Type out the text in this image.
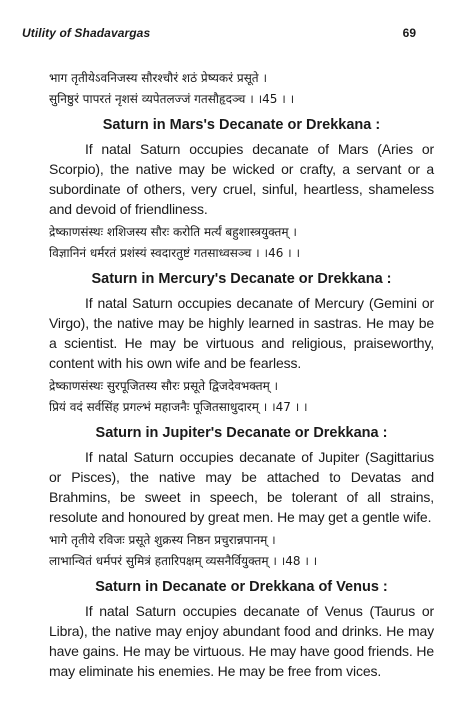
Utility of Shadavargas	69
भाग तृतीयेऽवनिजस्य सौरश्चौरं शठं प्रेष्यकरं प्रसूते ।
सुनिष्ठुरं पापरतं नृशसं व्यपेतलज्जं गतसौहृदञ्च । ।45 । ।
Saturn in Mars's Decanate or Drekkana :

If natal Saturn occupies decanate of Mars (Aries or Scorpio), the native may be wicked or crafty, a servant or a subordinate of others, very cruel, sinful, heartless, shameless and devoid of friendliness.

द्रेष्काणसंस्थः शशिजस्य सौरः करोति मर्त्यं बहुशास्त्रयुक्तम् ।
विज्ञानिनं धर्मरतं प्रशंस्यं स्वदारतुष्टं गतसाध्वसञ्च । ।46 । ।
Saturn in Mercury's Decanate or Drekkana :

If natal Saturn occupies decanate of Mercury (Gemini or Virgo), the native may be highly learned in sastras. He may be a scientist. He may be virtuous and religious, praiseworthy, content with his own wife and be fearless.

द्रेष्काणसंस्थः सुरपूजितस्य सौरः प्रसूते द्विजदेवभक्तम् ।
प्रियं वदं सर्वसिंह प्रगल्भं महाजनैः पूजितसाधुदारम् । ।47 । ।
Saturn in Jupiter's Decanate or Drekkana :

If natal Saturn occupies decanate of Jupiter (Sagittarius or Pisces), the native may be attached to Devatas and Brahmins, be sweet in speech, be tolerant of all strains, resolute and honoured by great men. He may get a gentle wife.

भागे तृतीये रविजः प्रसूते शुक्रस्य निष्ठन प्रचुरान्नपानम् ।
लाभान्वितं धर्मपरं सुमित्रं हतारिपक्षम् व्यसनैर्वियुक्तम् । ।48 । ।
Saturn in Decanate or Drekkana of Venus :

If natal Saturn occupies decanate of Venus (Taurus or Libra), the native may enjoy abundant food and drinks. He may have gains. He may be virtuous. He may have good friends. He may eliminate his enemies. He may be free from vices.
